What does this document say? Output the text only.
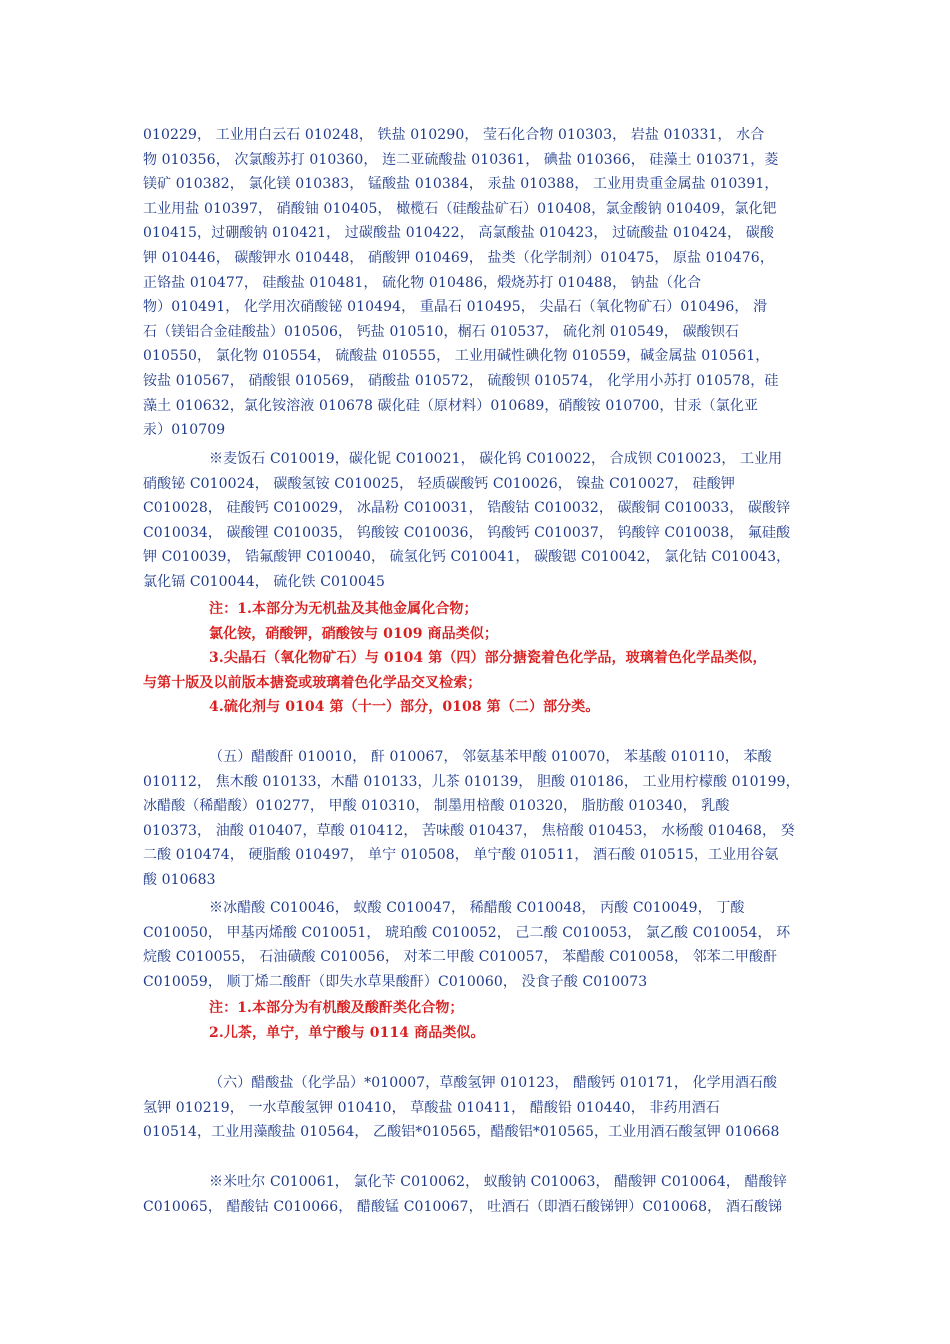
010229， 工业用白云石 010248， 铁盐 010290， 莹石化合物 010303， 岩盐 010331， 水合
物 010356， 次氯酸苏打 010360， 连二亚硫酸盐 010361， 碘盐 010366， 硅藻土 010371，菱
镁矿 010382， 氯化镁 010383， 锰酸盐 010384， 汞盐 010388， 工业用贵重金属盐 010391，
工业用盐 010397， 硝酸铀 010405， 橄榄石（硅酸盐矿石）010408，氯金酸钠 010409，氯化钯
010415，过硼酸钠 010421， 过碳酸盐 010422， 高氯酸盐 010423， 过硫酸盐 010424， 碳酸
钾 010446， 碳酸钾水 010448， 硝酸钾 010469， 盐类（化学制剂）010475， 原盐 010476，
正铬盐 010477， 硅酸盐 010481， 硫化物 010486，煅烧苏打 010488， 钠盐（化合
物）010491， 化学用次硝酸铋 010494， 重晶石 010495， 尖晶石（氧化物矿石）010496， 滑
石（镁铝合金硅酸盐）010506， 钙盐 010510，榍石 010537， 硫化剂 010549， 碳酸钡石
010550， 氯化物 010554， 硫酸盐 010555， 工业用碱性碘化物 010559，碱金属盐 010561，
铵盐 010567， 硝酸银 010569， 硝酸盐 010572， 硫酸钡 010574， 化学用小苏打 010578，硅
藻土 010632，氯化铵溶液 010678 碳化硅（原材料）010689，硝酸铵 010700，甘汞（氯化亚
汞）010709
※麦饭石 C010019，碳化铌 C010021， 碳化钨 C010022， 合成钡 C010023， 工业用
硝酸铋 C010024， 碳酸氢铵 C010025， 轻质碳酸钙 C010026， 镍盐 C010027， 硅酸钾
C010028， 硅酸钙 C010029， 冰晶粉 C010031， 锆酸钴 C010032， 碳酸铜 C010033， 碳酸锌
C010034， 碳酸锂 C010035， 钨酸铵 C010036， 钨酸钙 C010037， 钨酸锌 C010038， 氟硅酸
钾 C010039， 锆氟酸钾 C010040， 硫氢化钙 C010041， 碳酸锶 C010042， 氯化钴 C010043，
氯化镉 C010044， 硫化铁 C010045
注：1.本部分为无机盐及其他金属化合物；
氯化铵，硝酸钾，硝酸铵与 0109 商品类似；
3.尖晶石（氧化物矿石）与 0104 第（四）部分搪瓷着色化学品，玻璃着色化学品类似，
与第十版及以前版本搪瓷或玻璃着色化学品交叉检索；
4.硫化剂与 0104 第（十一）部分，0108 第（二）部分类。
（五）醋酸酐 010010， 酐 010067， 邻氨基苯甲酸 010070， 苯基酸 010110， 苯酸
010112， 焦木酸 010133，木醋 010133，儿茶 010139， 胆酸 010186， 工业用柠檬酸 010199，
冰醋酸（稀醋酸）010277， 甲酸 010310， 制墨用棓酸 010320， 脂肪酸 010340， 乳酸
010373， 油酸 010407，草酸 010412， 苦味酸 010437， 焦棓酸 010453， 水杨酸 010468， 癸
二酸 010474， 硬脂酸 010497， 单宁 010508， 单宁酸 010511， 酒石酸 010515，工业用谷氨
酸 010683
※冰醋酸 C010046， 蚁酸 C010047， 稀醋酸 C010048， 丙酸 C010049， 丁酸
C010050， 甲基丙烯酸 C010051， 琥珀酸 C010052， 己二酸 C010053， 氯乙酸 C010054， 环
烷酸 C010055， 石油磺酸 C010056， 对苯二甲酸 C010057， 苯醋酸 C010058， 邻苯二甲酸酐
C010059， 顺丁烯二酸酐（即失水草果酸酐）C010060， 没食子酸 C010073
注：1.本部分为有机酸及酸酐类化合物；
2.儿茶，单宁，单宁酸与 0114 商品类似。
（六）醋酸盐（化学品）*010007，草酸氢钾 010123， 醋酸钙 010171， 化学用酒石酸
氢钾 010219， 一水草酸氢钾 010410， 草酸盐 010411， 醋酸铅 010440， 非药用酒石
010514，工业用藻酸盐 010564， 乙酸铝*010565，醋酸铝*010565，工业用酒石酸氢钾 010668
※米吐尔 C010061， 氯化苄 C010062， 蚁酸钠 C010063， 醋酸钾 C010064， 醋酸锌
C010065， 醋酸钴 C010066， 醋酸锰 C010067， 吐酒石（即酒石酸锑钾）C010068， 酒石酸锑
